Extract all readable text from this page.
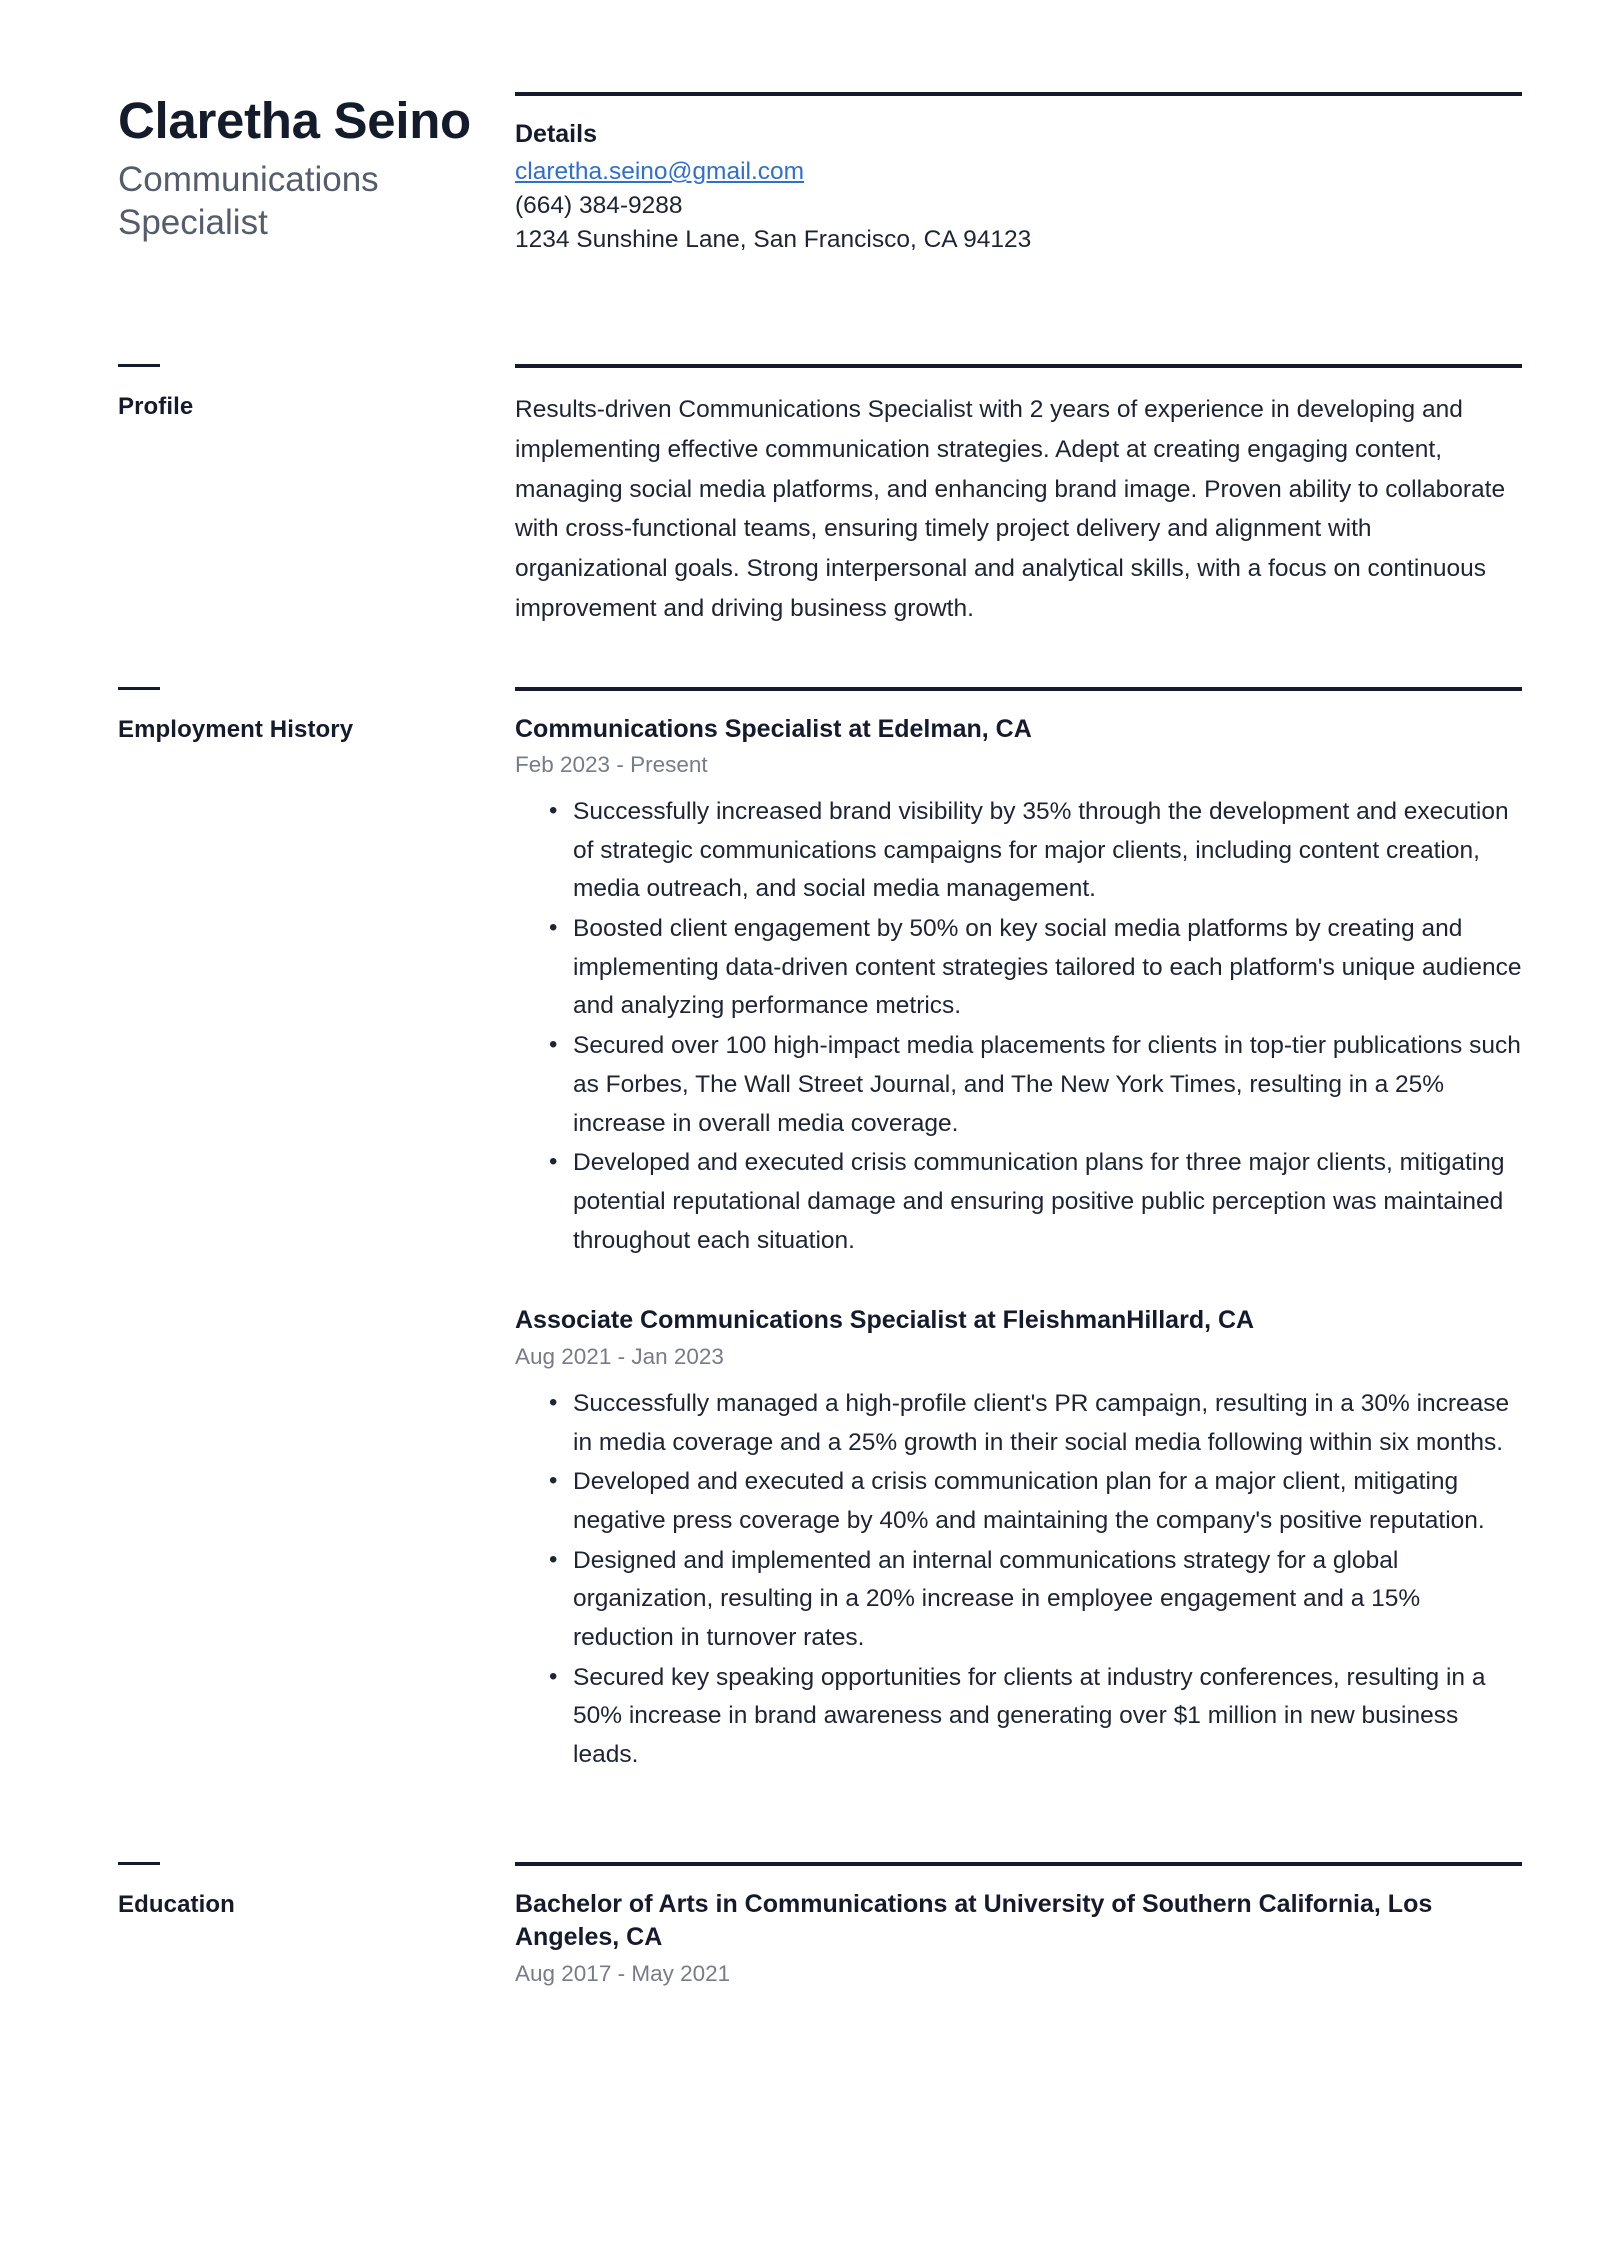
Claretha Seino
Communications Specialist
Details
claretha.seino@gmail.com
(664) 384-9288
1234 Sunshine Lane, San Francisco, CA 94123
Profile	Results-driven Communications Specialist with 2 years of experience in developing and implementing effective communication strategies. Adept at creating engaging content, managing social media platforms, and enhancing brand image. Proven ability to collaborate with cross-functional teams, ensuring timely project delivery and alignment with organizational goals. Strong interpersonal and analytical skills, with a focus on continuous improvement and driving business growth.
Employment History	Communications Specialist at Edelman, CA
Feb 2023 - Present
• Successfully increased brand visibility by 35% through the development and execution of strategic communications campaigns for major clients, including content creation, media outreach, and social media management.
• Boosted client engagement by 50% on key social media platforms by creating and implementing data-driven content strategies tailored to each platform's unique audience and analyzing performance metrics.
• Secured over 100 high-impact media placements for clients in top-tier publications such as Forbes, The Wall Street Journal, and The New York Times, resulting in a 25% increase in overall media coverage.
• Developed and executed crisis communication plans for three major clients, mitigating potential reputational damage and ensuring positive public perception was maintained throughout each situation.
Associate Communications Specialist at FleishmanHillard, CA
Aug 2021 - Jan 2023
• Successfully managed a high-profile client's PR campaign, resulting in a 30% increase in media coverage and a 25% growth in their social media following within six months.
• Developed and executed a crisis communication plan for a major client, mitigating negative press coverage by 40% and maintaining the company's positive reputation.
• Designed and implemented an internal communications strategy for a global organization, resulting in a 20% increase in employee engagement and a 15% reduction in turnover rates.
• Secured key speaking opportunities for clients at industry conferences, resulting in a 50% increase in brand awareness and generating over $1 million in new business leads.
Education	Bachelor of Arts in Communications at University of Southern California, Los Angeles, CA
Aug 2017 - May 2021
